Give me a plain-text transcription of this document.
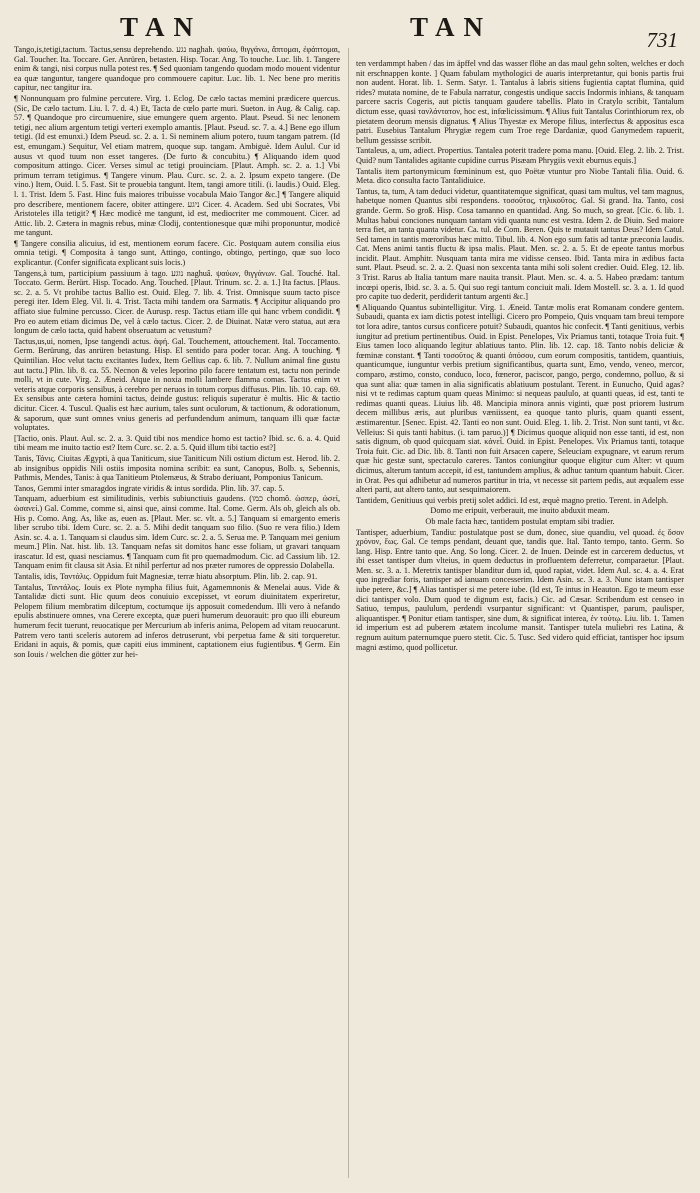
TAN	TAN	731

Tango,is,tetigi,tactum. Tactus,sensu deprehendo. נגע naghah. ψαύω, θιγγάνω, ἅπτομαι, ἐφάπτομαι, Gal. Toucher. Ita. Toccare. Ger. Anrüren, betasten. Hisp. Tocar. Ang. To touche. Luc. lib. 1. Tangere enim & tangi, nisi corpus nulla potest res. ¶ Sed quoniam tangendo quodam modo mouent videntur ea quæ tanguntur, tangere quandoque pro commouere capitur. Luc. lib. 1. Nec bene pro meritis capitur, nec tangitur ira.

¶ Nonnunquam pro fulmine percutere. Virg. 1. Eclog. De cælo tactas memini prædicere quercus. (Sic, De cælo tactum. Liu. l. 7. d. 4.) Et, Tacta de cœlo parte muri. Sueton. in Aug. & Calig. cap. 57. ¶ Quandoque pro circumuenire, siue emungere quem argento. Plaut. Pseud. Si nec lenonem tetigi, nec alium argentum tetigi verteri exemplo amantis. [Plaut. Pseud. sc. 7. a. 4.] Bene ego illum tetigi. (Id est emunxi.) Idem Pseud. sc. 2. a. 1. Si neminem alium potero, tuum tangam patrem. (Id est, emungam.) Sequitur, Vel etiam matrem, quoque sup. tangam. Ambiguè. Idem Aulul. Cur id ausus vt quod tuum non esset tangeres. (De furto & concubitu.) ¶ Aliquando idem quod compositum attingo. Cicer. Verses simul ac tetigi prouinciam. [Plaut. Amph. sc. 2. a. 1.] Vbi primum terram tetigimus. ¶ Tangere vinum. Plau. Curc. sc. 2. a. 2. Ipsum expeto tangere. (De vino.) Item, Ouid. l. 5. Fast. Sit te prouebia tangunt. Item, tangi amore titili. (i. laudis.) Ouid. Eleg. l. 1. Trist. Idem 5. Fast. Hinc fuis maiores tribuisse vocabula Maio Tangor &c.] ¶ Tangere aliquid pro describere, mentionem facere, obiter attingere. ניגע Cicer. 4. Academ. Sed ubi Socrates, Vbi Aristoteles illa tetigit? ¶ Hæc modicè me tangunt, id est, mediocriter me commouent. Cicer. ad Attic. lib. 2. Cætera in magnis rebus, minæ Clodij, contentionesque quæ mihi proponuntur, modicè me tangunt.

¶ Tangere consilia alicuius, id est, mentionem eorum facere. Cic. Postquam autem consilia eius omnia tetigi. ¶ Composita à tango sunt, Attingo, contingo, obtingo, pertingo, quæ suo loco explicantur. (Confer significata explicant suis locis.)

Tangens,à tum, participium passiuum à tago. נוגע naghuâ. ψαύων, θιγγάνων. Gal. Touché. Ital. Toccato. Germ. Berürt. Hisp. Tocado. Ang. Touched. [Plaut. Trinum. sc. 2. a. 1.] Ita factus. [Plaus. sc. 2. a. 5. Vt prohibe tactus Ballio est. Ouid. Eleg. 7. lib. 4. Trist. Omnisque suum tacto pisce peregi iter. Idem Eleg. Vil. li. 4. Trist. Tacta mihi tandem ora Sarmatis. ¶ Accipitur aliquando pro affiato siue fulmine percusso. Cicer. de Aurusp. resp. Tactus etiam ille qui hanc vrbem condidit. ¶ Pro eo autem etiam dicimus De, vel à cælo tactus. Cicer. 2. de Diuinat. Natæ vero statua, aut æra longum de cælo tacta, quid habent obseruatum ac vetustum?

Tactus,us,ui, nomen, Ipse tangendi actus. ἁφή. Gal. Touchement, attouchement. Ital. Toccamento. Germ. Berürung, das anrüren betastung. Hisp. El sentido para poder tocar. Ang. A touching. ¶ Quintilian. Hoc velut tactu excitantes Iudex, Item Gellius cap. 6. lib. 7. Nullum animal fine gustu aut tactu.] Plin. lib. 8. ca. 55. Necnon & veles leporino pilo facere tentatum est, tactu non perinde molli, vt in cute. Virg. 2. Æneid. Atque in noxia molli lambere flamma comas. Tactus enim vt veteris atque corporis sensibus, à cerebro per neruos in totum corpus diffusus. Plin. lib. 10. cap. 69. Ex sensibus ante cætera homini tactus, deinde gustus: reliquis superatur è multis. Hic & tactio dicitur. Cicer. 4. Tuscul. Qualis est hæc aurium, tales sunt oculorum, & tactionum, & odorationum, & saporum, quæ sunt omnes vnius generis ad perfundendum animum, tanquam illi quæ factæ voluptates.

[Tactio, onis. Plaut. Aul. sc. 2. a. 3. Quid tibi nos mendice homo est tactio? Ibid. sc. 6. a. 4. Quid tibi meam me inuito tactio est? Item Curc. sc. 2. a. 5. Quid illum tibi tactio est?]

Tanis, Τάνις. Ciuitas Ægypti, à qua Taniticum, siue Taniticum Nili ostium dictum est. Herod. lib. 2. ab insignibus oppidis Nili ostiis imposita nomina scribit: ea sunt, Canopus, Bolb. s, Sebennis, Pathmis, Mendes, Tanis: à qua Tanitieum Ptolemæus, & Strabo deriuant, Pomponius Tanicum.

Tanos, Gemmi inter smaragdos ingrate viridis & intus sordida. Plin. lib. 37. cap. 5.

Tanquam, aduerbium est similitudinis, verbis subiunctiuis gaudens. (כמו chomô. ὡσπερ, ὡσεί, ὡσανεί.) Gal. Comme, comme si, ainsi que, ainsi comme. Ital. Come. Germ. Als ob, gleich als ob. His p. Como. Ang. As, like as, euen as. [Plaut. Mer. sc. vlt. a. 5.] Tanquam si emargento emeris liber scrubo tibi. Idem Curc. sc. 2. a. 5. Mihi dedit tanquam suo filio. (Suo re vera filio.) Idem Asin. sc. 4. a. 1. Tanquam si claudus sim. Idem Curc. sc. 2. a. 5. Serua me. P. Tanquam mei genium meum.] Plin. Nat. hist. lib. 13. Tanquam nefas sit domitos hanc esse foliam, ut gravari tanquam irascatur. Id est, quasi nesciamus. ¶ Tanquam cum fit pro quemadmodum. Cic. ad Cassium lib. 12. Tanquam enim fit clausa sit Asia. Et nihil perfertur ad nos præter rumores de oppressio Dolabella.

Tantalis, idis, Ταντάλις. Oppidum fuit Magnesiæ, terræ hiatu absorptum. Plin. lib. 2. cap. 91.

Tantalus, Ταντάλος. Iouis ex Plote nympha filius fuit, Agamemnonis & Menelai auus. Vide & Tantalidæ dicti sunt. Hic quum deos conuiuio excepisset, vt eorum diuinitatem experiretur, Pelopem filium membratim dilceptum, coctumque ijs apposuit comedendum. Illi vero à nefando epulis abstinuere omnes, vna Cerere excepta, quæ pueri humerum deuorauit: pro quo illi ebureum humerum fecit tuerunt, reuocatique per Mercurium ab inferis anima, Pelopem ad vitam reuocarunt. Patrem vero tanti sceleris autorem ad inferos detruserunt, vbi perpetua fame & siti torqueretur. Eridani in aquis, & pomis, quæ capiti eius imminent, captationem eius fugientibus. ¶ Germ. Ein son Iouis / welchen die götter zur hei-

ten verdammpt haben / das im äpffel vnd das wasser flöhe an das maul gehn solten, welches er doch nit erschnappen konte. ] Quam fabulam mythologici de auaris interpretantur, qui bonis partis frui non audent. Horat. lib. 1. Serm. Satyr. 1. Tantalus à labris sitiens fugientia captat flumina, quid rides? mutata nomine, de te Fabula narratur, congestis undique saccis Indormis inhians, & tanquam parcere sacris Cogeris, aut pictis tanquam gaudere tabellis. Plato in Cratylo scribit, Tantalum dictum esse, quasi τανλάντατον, hoc est, infœlicissimum. ¶ Alius fuit Tantalus Corinthiorum rex, ob pietatem deorum mensis dignatus. ¶ Alius Thyestæ ex Merope filius, interfectus & appositus esca patri. Eusebius Tantalum Phrygiæ regem cum Troe rege Dardaniæ, quod Ganymedem rapuerit, bellum gessisse scribit.

Tantaleus, a, um, adiect. Propertius. Tantalea poterit tradere poma manu. [Ouid. Eleg. 2. lib. 2. Trist. Quid? num Tantalides agitante cupidine currus Pisæam Phrygiis vexit eburnus equis.]

Tantalis item partonymicum fœmininum est, quo Poëtæ vtuntur pro Niobe Tantali filia. Ouid. 6. Meta. dico consulta facto Tantalidiuice.

Tantus, ta, tum, A tam deduci videtur, quantitatemque significat, quasi tam multus, vel tam magnus, habetque nomen Quantus sibi respondens. τοσοῦτος, τηλικοῦτος. Gal. Si grand. Ita. Tanto, cosi grande. Germ. So groß. Hisp. Cosa tamanno en quantidad. Ang. So much, so great. [Cic. 6. lib. 1. Multas habui conciones nunquam tantam vidi quanta nunc est vestra. Idem 2. de Diuin. Sed maiore terra fiet, an tanta quanta videtur. Ca. tul. de Com. Beren. Quis te mutauit tantus Deus? Idem Catul. Sed tamen in tantis mœroribus hæc mitto. Tibul. lib. 4. Non ego sum fatis ad tantæ præconia laudis. Cat. Mens animi tantis fluctu & ipsa malis. Plaut. Men. sc. 2. a. 5. Et de epeote tantus morbus incidit. Plaut. Amphitr. Nusquam tanta mira me vidisse censeo. Ibid. Tanta mira in ædibus facta sunt. Plaut. Pseud. sc. 2. a. 2. Quasi non sexcenta tanta mihi soli solent credier. Ouid. Eleg. 12. lib. 3 Trist. Rarus ab Italia tantum mare nauita transit. Plaut. Men. sc. 4. a. 5. Habeo prædam: tantum incœpi operis, Ibid. sc. 3. a. 5. Qui suo regi tantum conciuit mali. Idem Mostell. sc. 3. a. 1. Id quod pro capite tuo dederit, perdiderit tantum argenti &c.]

¶ Aliquando Quantus subintelligitur. Virg. 1. Æneid. Tantæ molis erat Romanam condere gentem. Subaudi, quanta ex iam dictis potest intelligi. Cicero pro Pompeio, Quis vnquam tam breui tempore tot lora adire, tantos cursus conficere potuit? Subaudi, quantos hic confecit. ¶ Tanti genitiuus, verbis iungitur ad pretium pertinentibus. Ouid. in Epist. Penelopes, Vix Priamus tanti, totaque Troia fuit. ¶ Eius tamen loco aliquando legitur ablatiuus tanto. Plin. lib. 12. cap. 18. Tanto nobis deliciæ & fœminæ constant. ¶ Tanti τοσοῦτος & quanti ὁπόσου, cum eorum compositis, tantidem, quantiuis, quanticumque, iunguntur verbis pretium significantibus, quarta sunt, Emo, vendo, veneo, mercor, comparo, æstimo, consto, conduco, loco, fœneror, paciscor, pango, pergo, condemno, polluo, & si qua sunt alia: quæ tamen in alia significatis ablatiuum postulant. Terent. in Eunucho, Quid agas? nisi vt te redimas captum quam queas Minimo: si nequeas paululo, at quanti queas, id est, tanti te redimas quanti queas. Liuius lib. 48. Mancipia minora annis viginti, quæ post priorem lustrum decem millibus æris, aut pluribus væniissent, ea quoque tanto pluris, quam quanti essent, æstimarentur. [Senec. Epist. 42. Tanti eo non sunt. Ouid. Eleg. 1. lib. 2. Trist. Non sunt tanti, vt &c. Velleius: Si quis tanti habitus. (i. tam paruo.)] ¶ Dicimus quoque aliquid non esse tanti, id est, non satis dignum, ob quod quicquam siat. κἀνεἶ. Ouid. in Epist. Penelopes. Vix Priamus tanti, totaque Troia fuit. Cic. ad Dic. lib. 8. Tanti non fuit Arsacen capere, Seleuciam expugnare, vt earum rerum quæ hic gestæ sunt, spectaculo careres. Tantos coniungitur quoque eligitur cum Alter: vt quum dicimus, alterum tantum accepit, id est, tantundem amplius, & adhuc tantum quantum habuit. Cicer. in Orat. Pes qui adhibetur ad numeros partitur in tria, vt necesse sit partem pedis, aut æqualem esse alteri parti, aut altero tanto, aut sesquimaiorem.

Tantidem, Genitiuus qui verbis pretij solet addici. Id est, æquè magno pretio. Terent. in Adelph.

Domo me eripuit, verberauit, me inuito abduxit meam.

Ob male facta hæc, tantidem postulat emptam sibi tradier.

Tantisper, aduerbium, Tandiu: postulatque post se dum, donec, siue quandiu, vel quoad. ἐς ὅσον χρόνον, ἕως. Gal. Ce temps pendant, deuant que, tandis que. Ital. Tanto tempo, tanto. Germ. So lang. Hisp. Entre tanto que. Ang. So long. Cicer. 2. de Inuen. Deinde est in carcerem deductus, vt ibi esset tantisper dum vlteius, in quem deductus in profluentem deferretur, comparaetur. [Plaut. Men. sc. 3. a. 1. Meretrix tantisper blanditur dum id, quod rapiat, videt. Idem Aul. sc. 4. a. 4. Erat quo ingrediar foris, tantisper ad ianuam concesserim. Idem Asin. sc. 3. a. 3. Nunc istam tantisper iube petere, &c.] ¶ Alias tantisper si me petere iube. (Id est, Te intus in Heauton. Ego te meum esse dici tantisper volo. Dum quod te dignum est, facis.) Cic. ad Cæsar. Scribendum est censeo in Satiuo, tempus, paululum, perdendi vsurpantur significant: vt Quantisper, parum, paulisper, aliquantisper. ¶ Ponitur etiam tantisper, sine dum, & significat interea, ἐν τούτῳ. Liu. lib. 1. Tamen id imperium est ad puberem ætatem incolume mansit. Tantisper tutela muliebri res Latina, & regnum auitum paternumque puero stetit. Cic. 5. Tusc. Sed videro quid efficiat, tantisper hoc ipsum magni æstimo, quod pollicetur.
